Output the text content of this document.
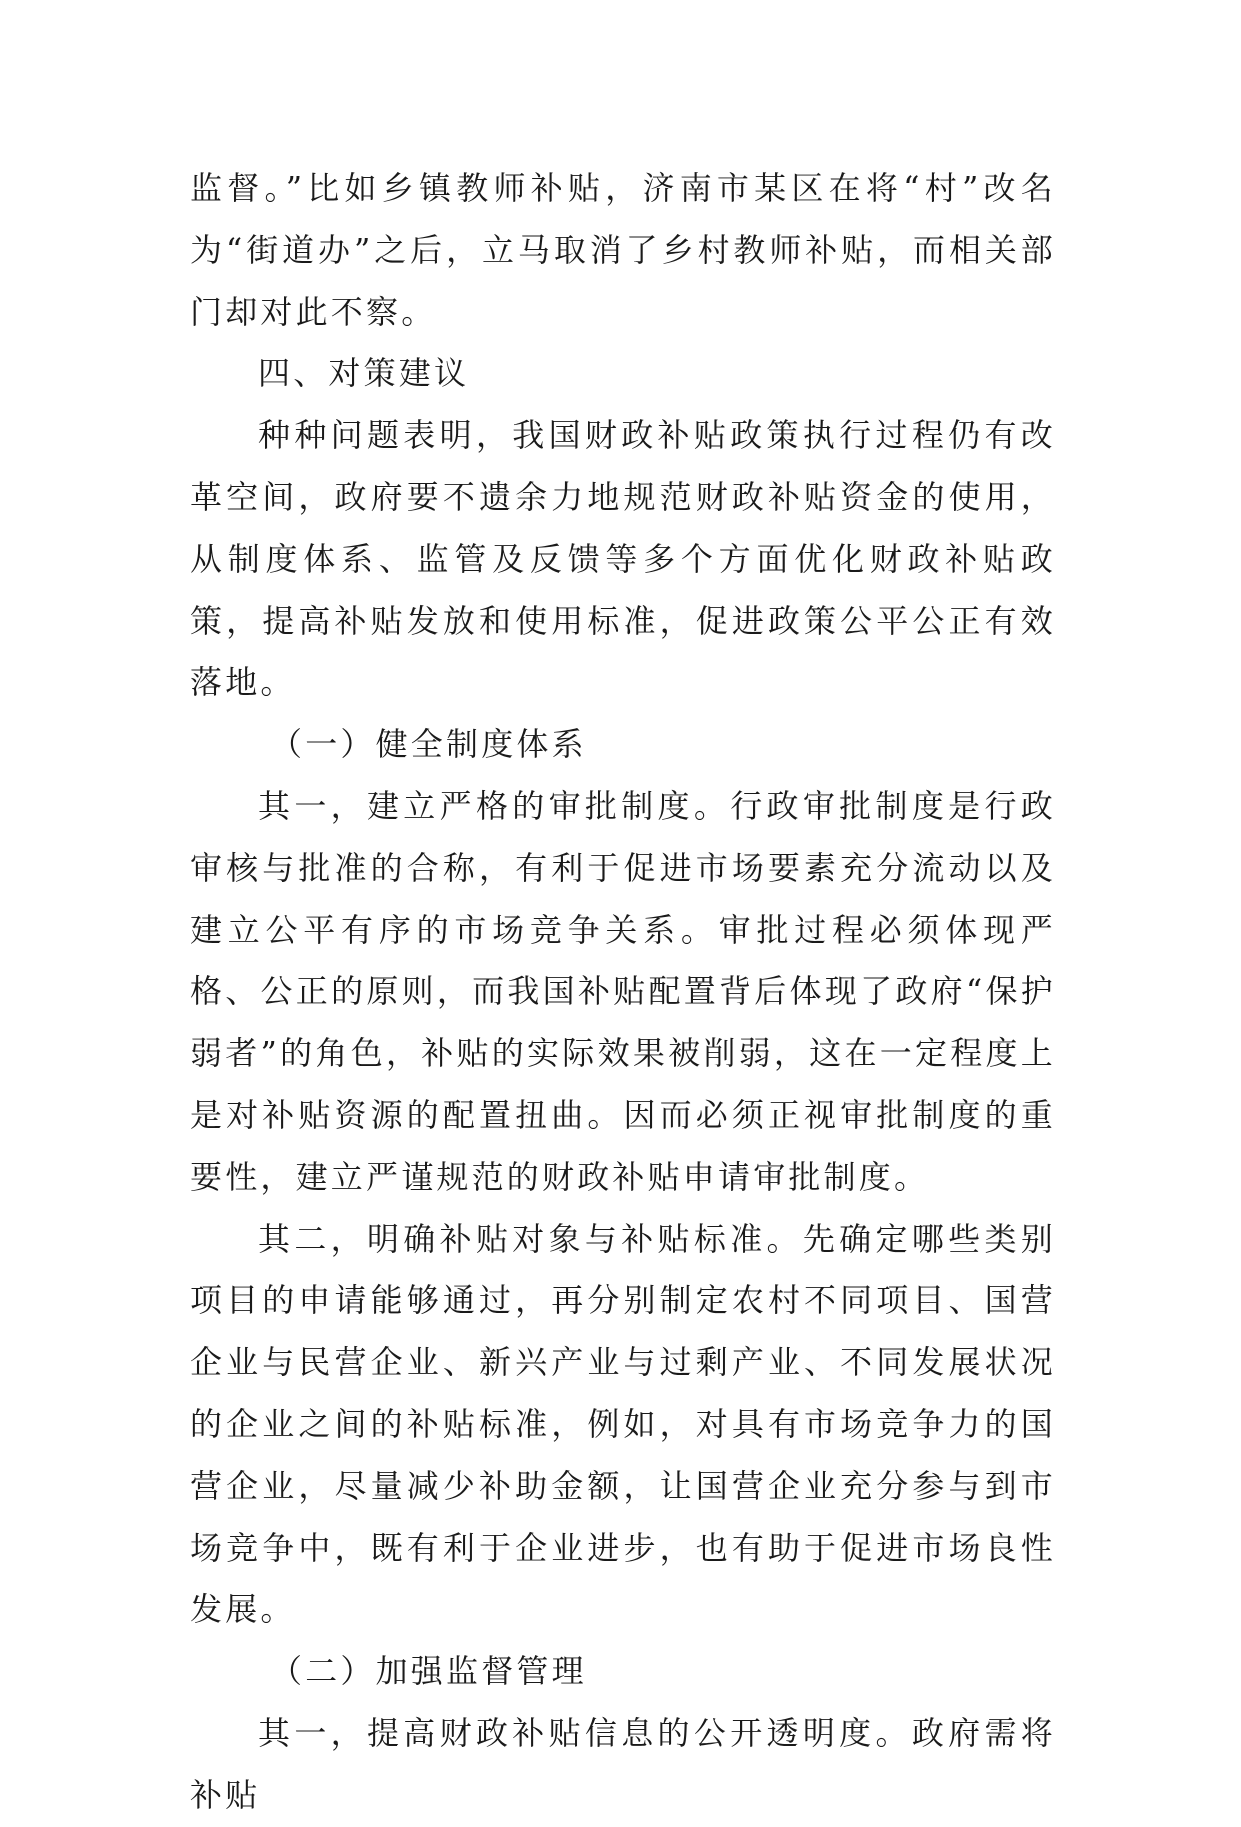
监督。”比如乡镇教师补贴，济南市某区在将“村”改名为“街道办”之后，立马取消了乡村教师补贴，而相关部门却对此不察。

四、对策建议

种种问题表明，我国财政补贴政策执行过程仍有改革空间，政府要不遗余力地规范财政补贴资金的使用，从制度体系、监管及反馈等多个方面优化财政补贴政策，提高补贴发放和使用标准，促进政策公平公正有效落地。

（一）健全制度体系

其一，建立严格的审批制度。行政审批制度是行政审核与批准的合称，有利于促进市场要素充分流动以及建立公平有序的市场竞争关系。审批过程必须体现严格、公正的原则，而我国补贴配置背后体现了政府“保护弱者”的角色，补贴的实际效果被削弱，这在一定程度上是对补贴资源的配置扭曲。因而必须正视审批制度的重要性，建立严谨规范的财政补贴申请审批制度。

其二，明确补贴对象与补贴标准。先确定哪些类别项目的申请能够通过，再分别制定农村不同项目、国营企业与民营企业、新兴产业与过剩产业、不同发展状况的企业之间的补贴标准，例如，对具有市场竞争力的国营企业，尽量减少补助金额，让国营企业充分参与到市场竞争中，既有利于企业进步，也有助于促进市场良性发展。

（二）加强监督管理

其一，提高财政补贴信息的公开透明度。政府需将补贴
